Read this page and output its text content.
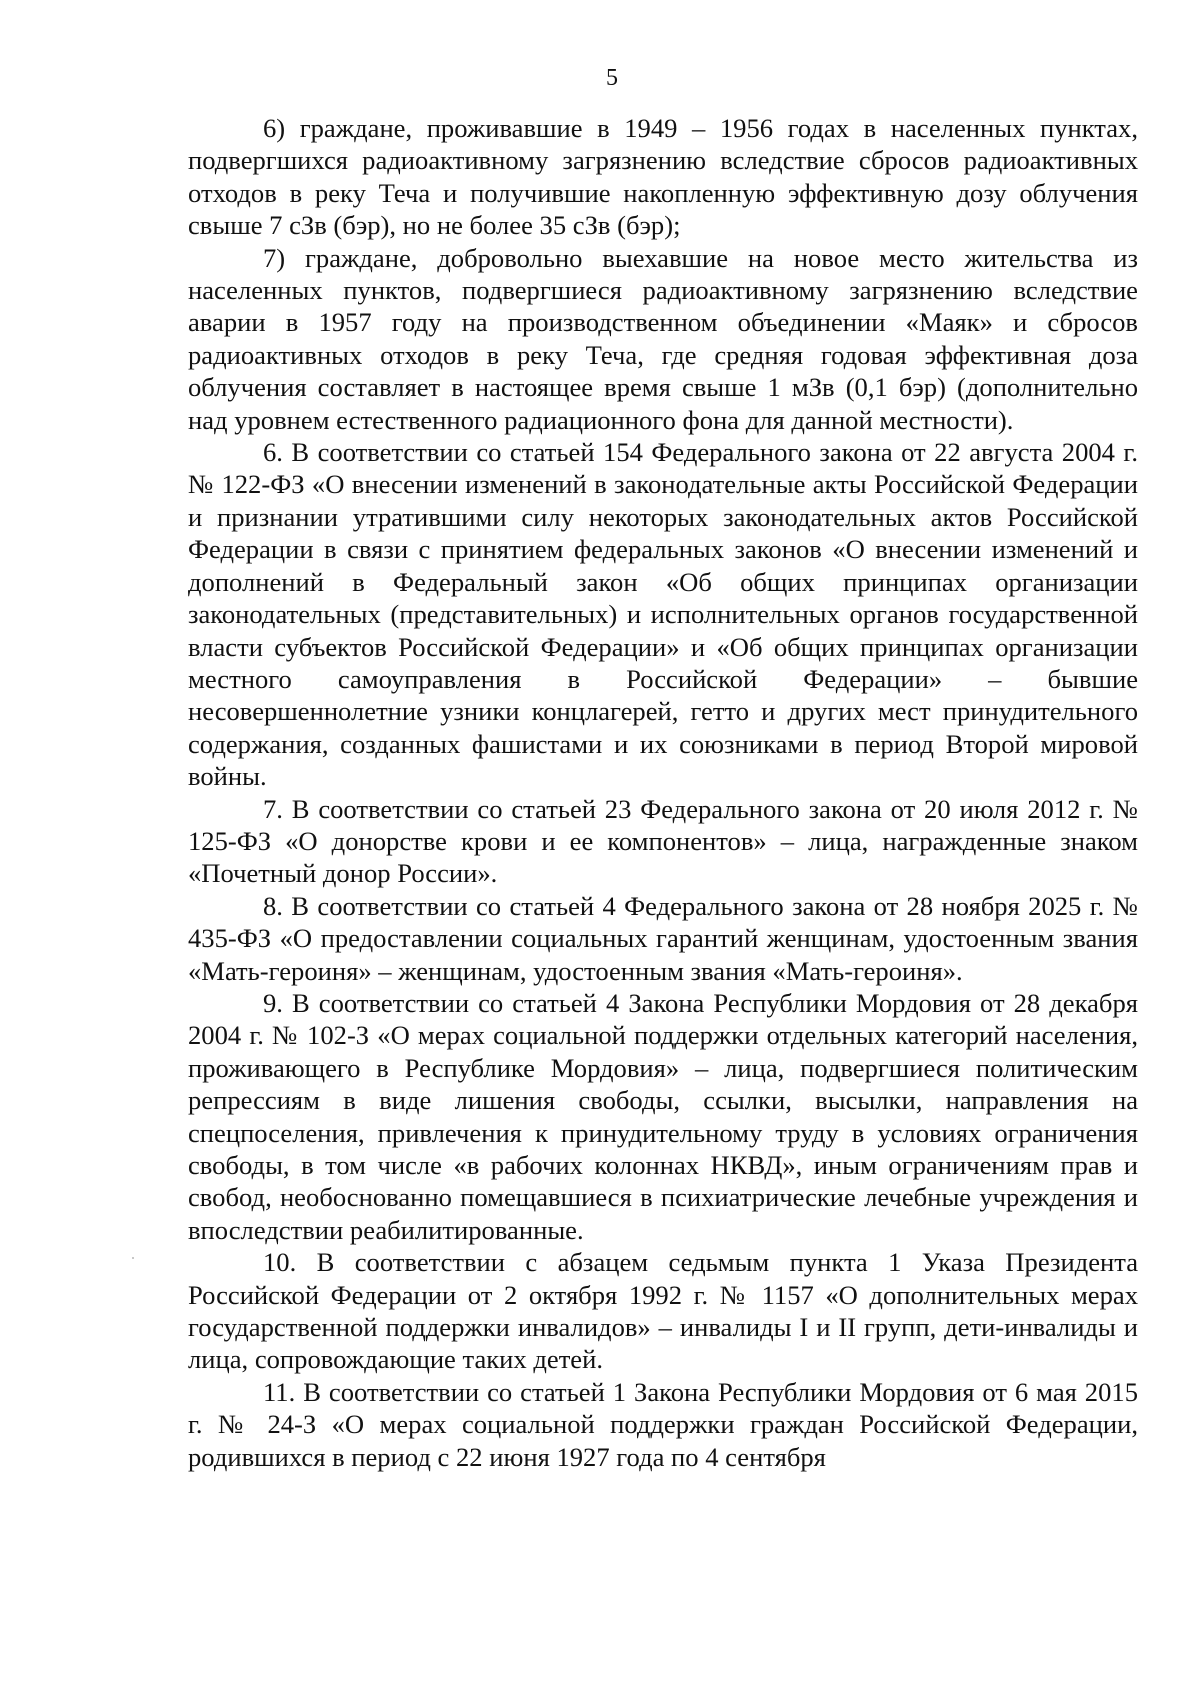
5

6) граждане, проживавшие в 1949 – 1956 годах в населенных пунктах, подвергшихся радиоактивному загрязнению вследствие сбросов радиоактивных отходов в реку Теча и получившие накопленную эффективную дозу облучения свыше 7 сЗв (бэр), но не более 35 сЗв (бэр);

7) граждане, добровольно выехавшие на новое место жительства из населенных пунктов, подвергшиеся радиоактивному загрязнению вследствие аварии в 1957 году на производственном объединении «Маяк» и сбросов радиоактивных отходов в реку Теча, где средняя годовая эффективная доза облучения составляет в настоящее время свыше 1 мЗв (0,1 бэр) (дополнительно над уровнем естественного радиационного фона для данной местности).

6. В соответствии со статьей 154 Федерального закона от 22 августа 2004 г. № 122-ФЗ «О внесении изменений в законодательные акты Российской Федерации и признании утратившими силу некоторых законодательных актов Российской Федерации в связи с принятием федеральных законов «О внесении изменений и дополнений в Федеральный закон «Об общих принципах организации законодательных (представительных) и исполнительных органов государственной власти субъектов Российской Федерации» и «Об общих принципах организации местного самоуправления в Российской Федерации» – бывшие несовершеннолетние узники концлагерей, гетто и других мест принудительного содержания, созданных фашистами и их союзниками в период Второй мировой войны.

7. В соответствии со статьей 23 Федерального закона от 20 июля 2012 г. № 125-ФЗ «О донорстве крови и ее компонентов» – лица, награжденные знаком «Почетный донор России».

8. В соответствии со статьей 4 Федерального закона от 28 ноября 2025 г. № 435-ФЗ «О предоставлении социальных гарантий женщинам, удостоенным звания «Мать-героиня» – женщинам, удостоенным звания «Мать-героиня».

9. В соответствии со статьей 4 Закона Республики Мордовия от 28 декабря 2004 г. № 102-З «О мерах социальной поддержки отдельных категорий населения, проживающего в Республике Мордовия» – лица, подвергшиеся политическим репрессиям в виде лишения свободы, ссылки, высылки, направления на спецпоселения, привлечения к принудительному труду в условиях ограничения свободы, в том числе «в рабочих колоннах НКВД», иным ограничениям прав и свобод, необоснованно помещавшиеся в психиатрические лечебные учреждения и впоследствии реабилитированные.

10. В соответствии с абзацем седьмым пункта 1 Указа Президента Российской Федерации от 2 октября 1992 г. № 1157 «О дополнительных мерах государственной поддержки инвалидов» – инвалиды I и II групп, дети-инвалиды и лица, сопровождающие таких детей.

11. В соответствии со статьей 1 Закона Республики Мордовия от 6 мая 2015 г. № 24-З «О мерах социальной поддержки граждан Российской Федерации, родившихся в период с 22 июня 1927 года по 4 сентября
